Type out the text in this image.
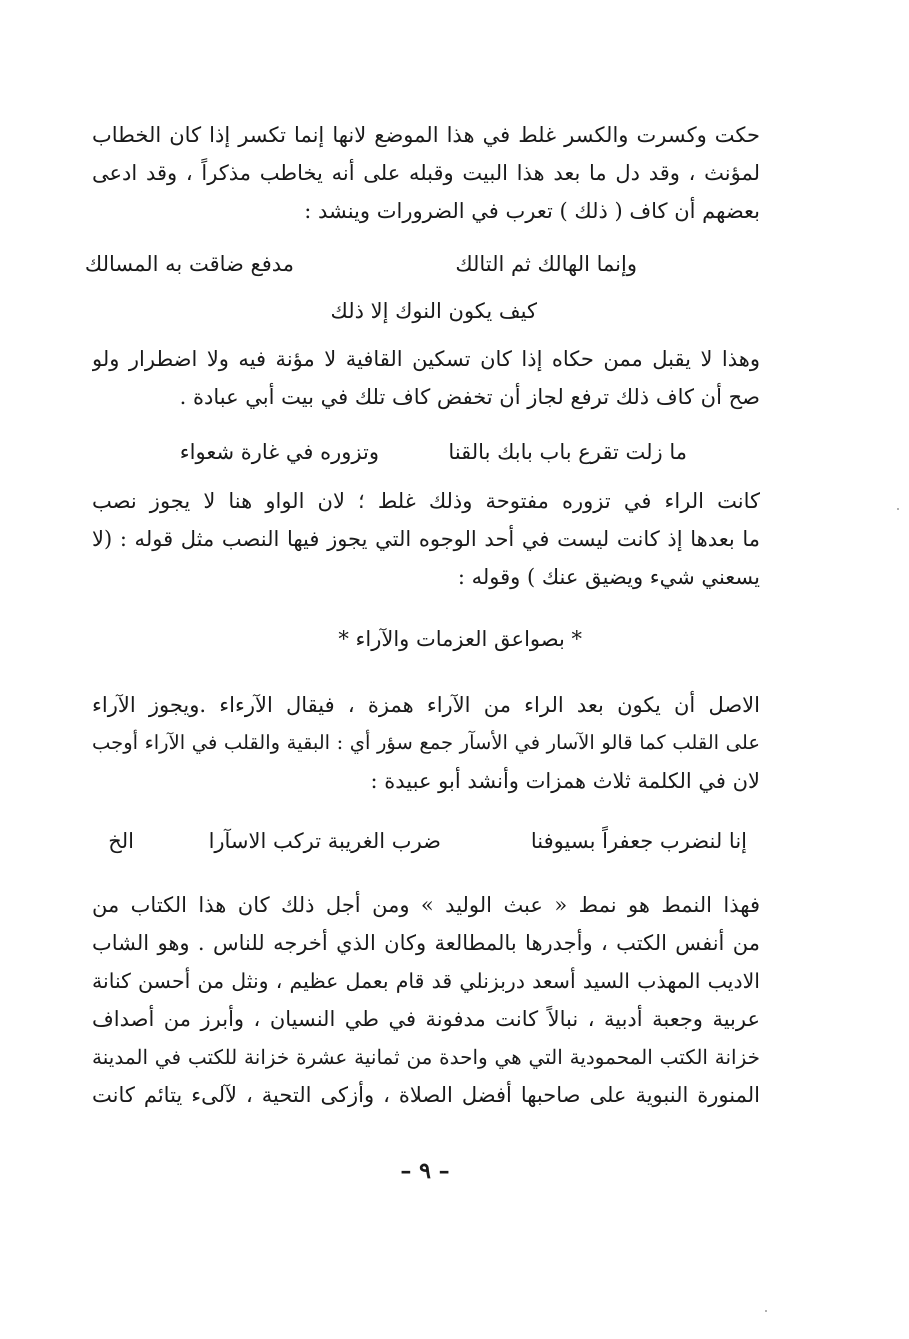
حكت وكسرت والكسر غلط في هذا الموضع لانها إنما تكسر إذا كان الخطاب
لمؤنث ، وقد دل ما بعد هذا البيت وقبله على أنه يخاطب مذكراً ، وقد ادعى
بعضهم أن كاف ( ذلك ) تعرب في الضرورات وينشد :
وإنما الهالك ثم التالك
مدفع ضاقت به المسالك
كيف يكون النوك إلا ذلك
وهذا لا يقبل ممن حكاه إذا كان تسكين القافية لا مؤنة فيه ولا اضطرار ولو
صح أن كاف ذلك ترفع لجاز أن تخفض كاف تلك في بيت أبي عبادة .
ما زلت تقرع باب بابك بالقنا
وتزوره في غارة شعواء
كانت الراء في تزوره مفتوحة وذلك غلط ؛ لان الواو هنا لا يجوز نصب
ما بعدها إذ كانت ليست في أحد الوجوه التي يجوز فيها النصب مثل قوله : (لا
يسعني شيء ويضيق عنك ) وقوله :
* بصواعق العزمات والآراء *
الاصل أن يكون بعد الراء من الآراء همزة ، فيقال الآرءاء .ويجوز الآراء
على القلب كما قالو الآسار في الأسآر جمع سؤر أي : البقية والقلب في الآراء أوجب
لان في الكلمة ثلاث همزات وأنشد أبو عبيدة :
إنا لنضرب جعفراً بسيوفنا
ضرب الغريبة تركب الاسآرا
الخ
فهذا النمط هو نمط « عبث الوليد » ومن أجل ذلك كان هذا الكتاب من
من أنفس الكتب ، وأجدرها بالمطالعة وكان الذي أخرجه للناس . وهو الشاب
الاديب المهذب السيد أسعد دربزنلي قد قام بعمل عظيم ، ونثل من أحسن كنانة
عربية وجعبة أدبية ، نبالاً كانت مدفونة في طي النسيان ، وأبرز من أصداف
خزانة الكتب المحمودية التي هي واحدة من ثمانية عشرة خزانة للكتب في المدينة
المنورة النبوية على صاحبها أفضل الصلاة ، وأزكى التحية ، لآلىء يتائم كانت
– ٩ –
